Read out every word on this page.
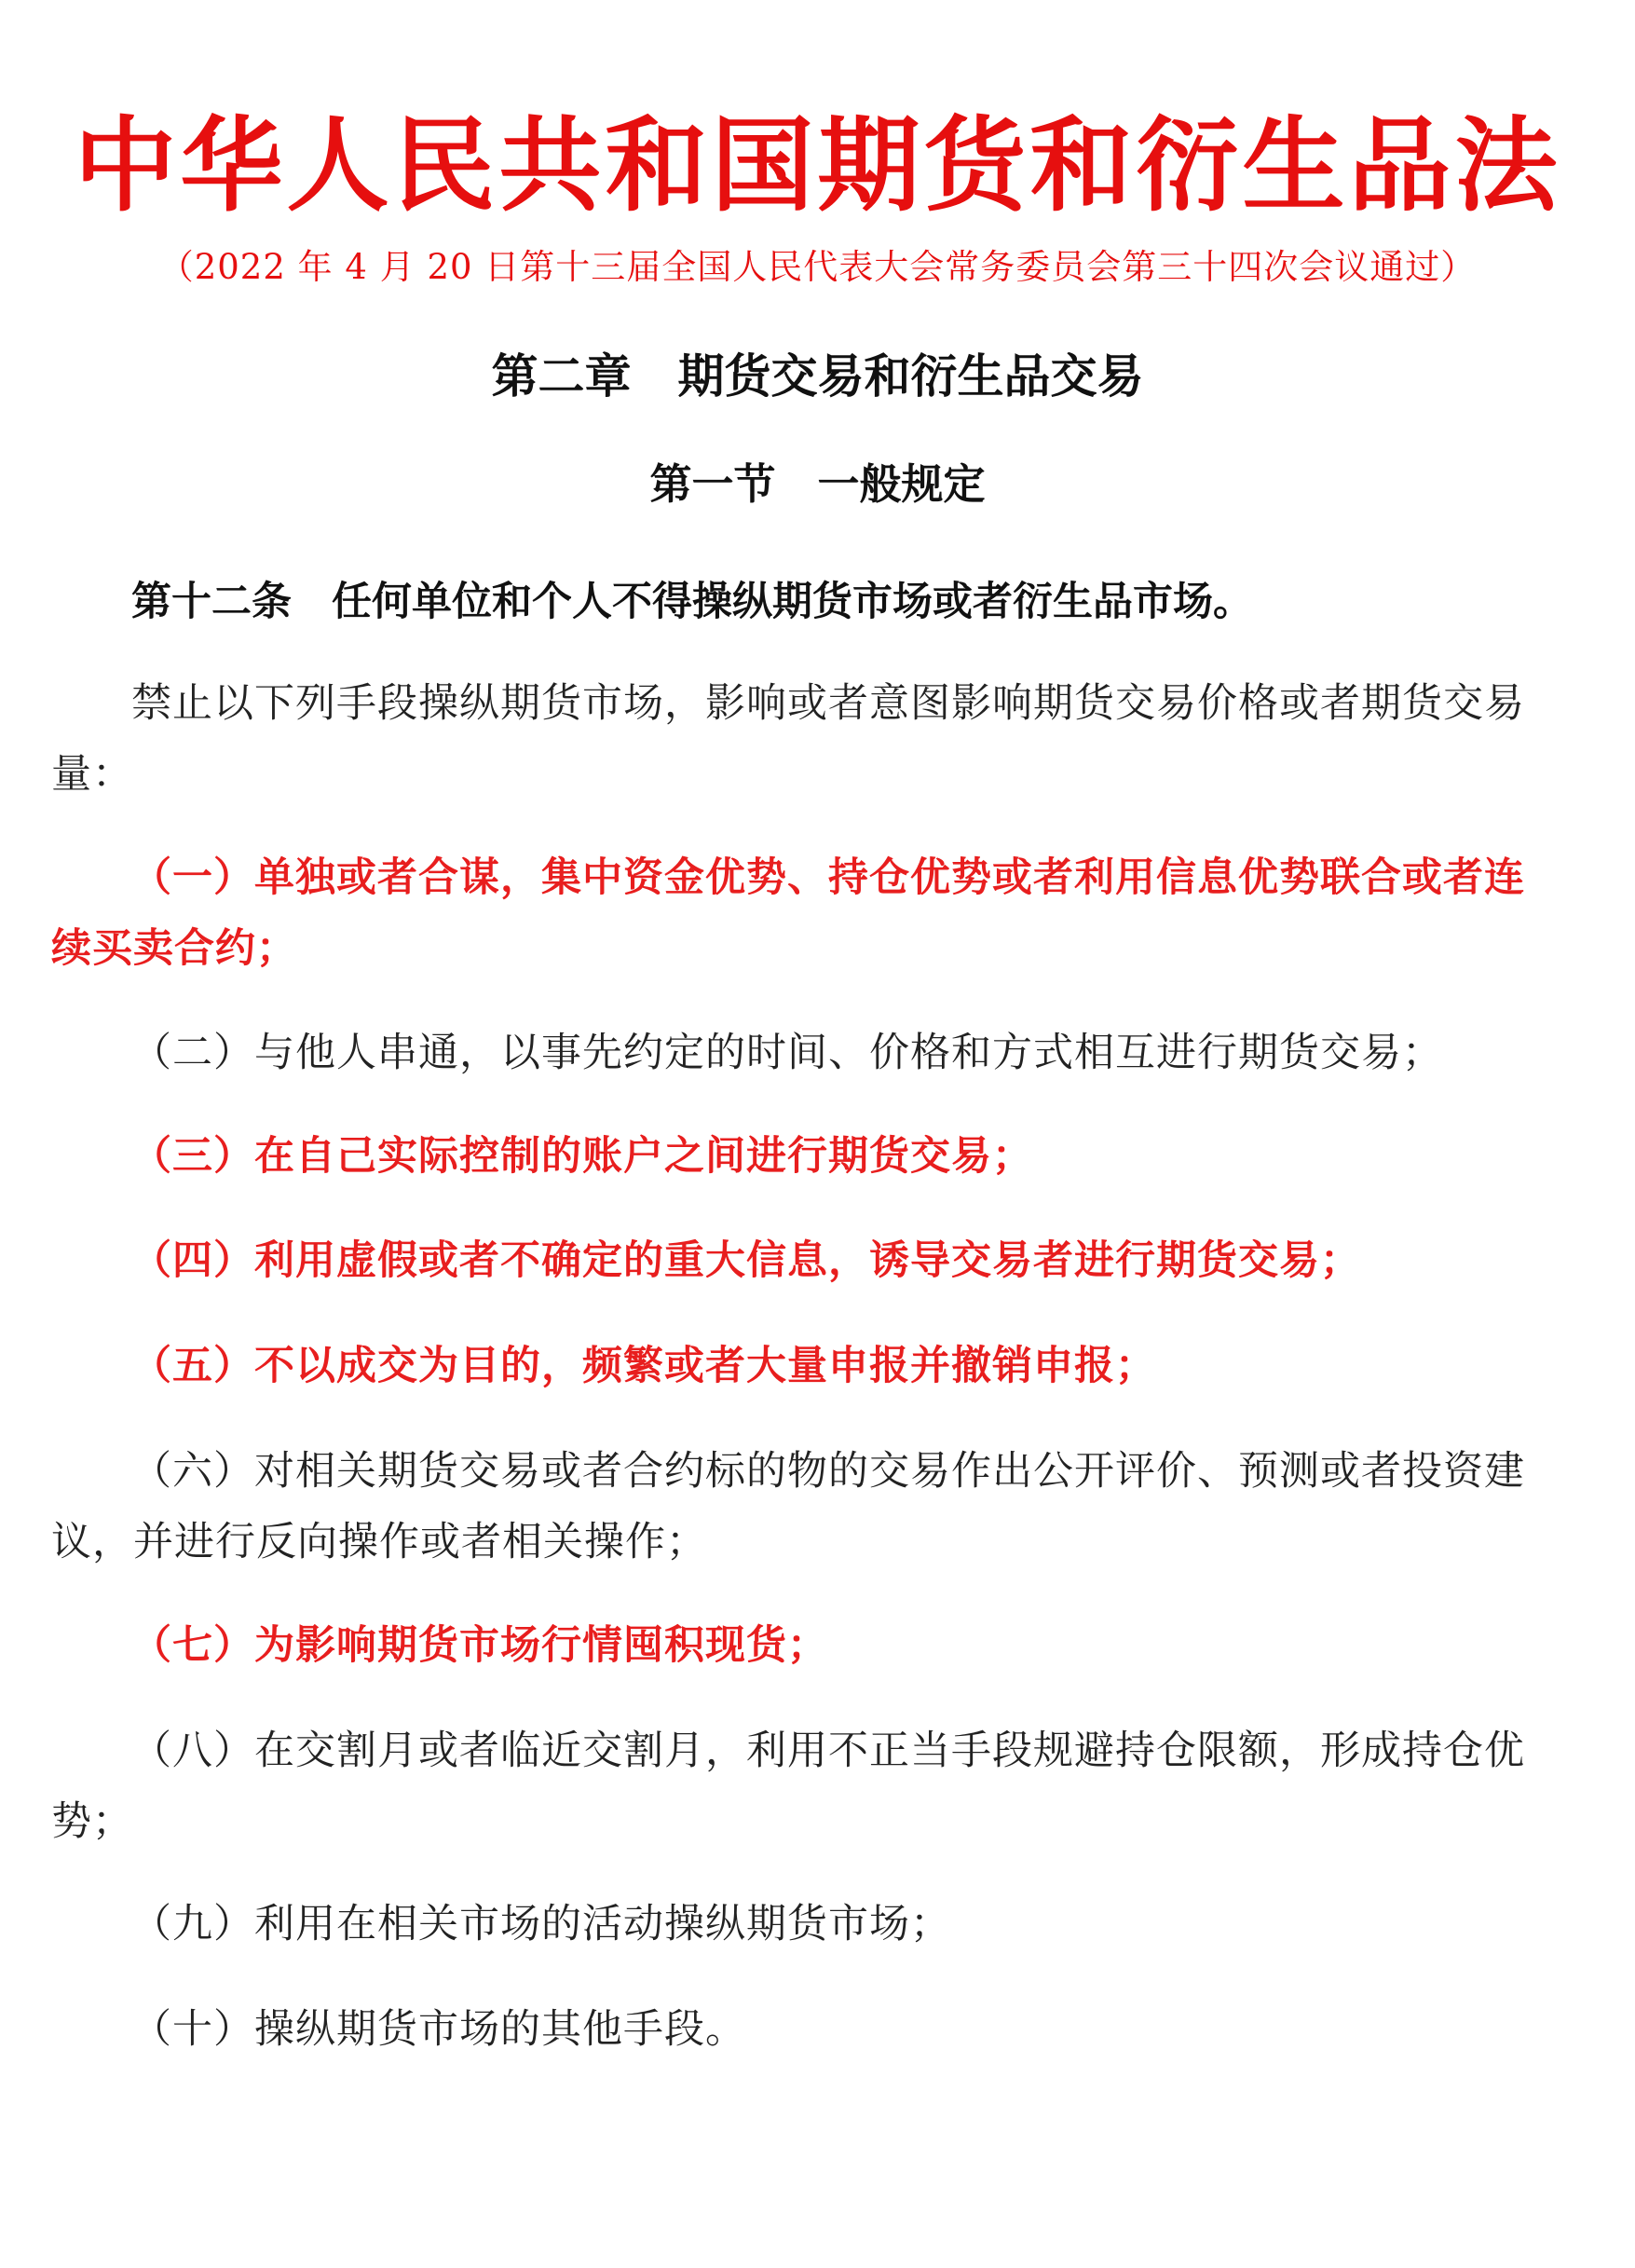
中华人民共和国期货和衍生品法

（2022 年 4 月 20 日第十三届全国人民代表大会常务委员会第三十四次会议通过）

第二章　期货交易和衍生品交易
第一节　一般规定

第十二条　任何单位和个人不得操纵期货市场或者衍生品市场。

禁止以下列手段操纵期货市场，影响或者意图影响期货交易价格或者期货交易量：

（一）单独或者合谋，集中资金优势、持仓优势或者利用信息优势联合或者连续买卖合约；

（二）与他人串通，以事先约定的时间、价格和方式相互进行期货交易；

（三）在自己实际控制的账户之间进行期货交易；

（四）利用虚假或者不确定的重大信息，诱导交易者进行期货交易；

（五）不以成交为目的，频繁或者大量申报并撤销申报；

（六）对相关期货交易或者合约标的物的交易作出公开评价、预测或者投资建议，并进行反向操作或者相关操作；

（七）为影响期货市场行情囤积现货；

（八）在交割月或者临近交割月，利用不正当手段规避持仓限额，形成持仓优势；

（九）利用在相关市场的活动操纵期货市场；

（十）操纵期货市场的其他手段。
